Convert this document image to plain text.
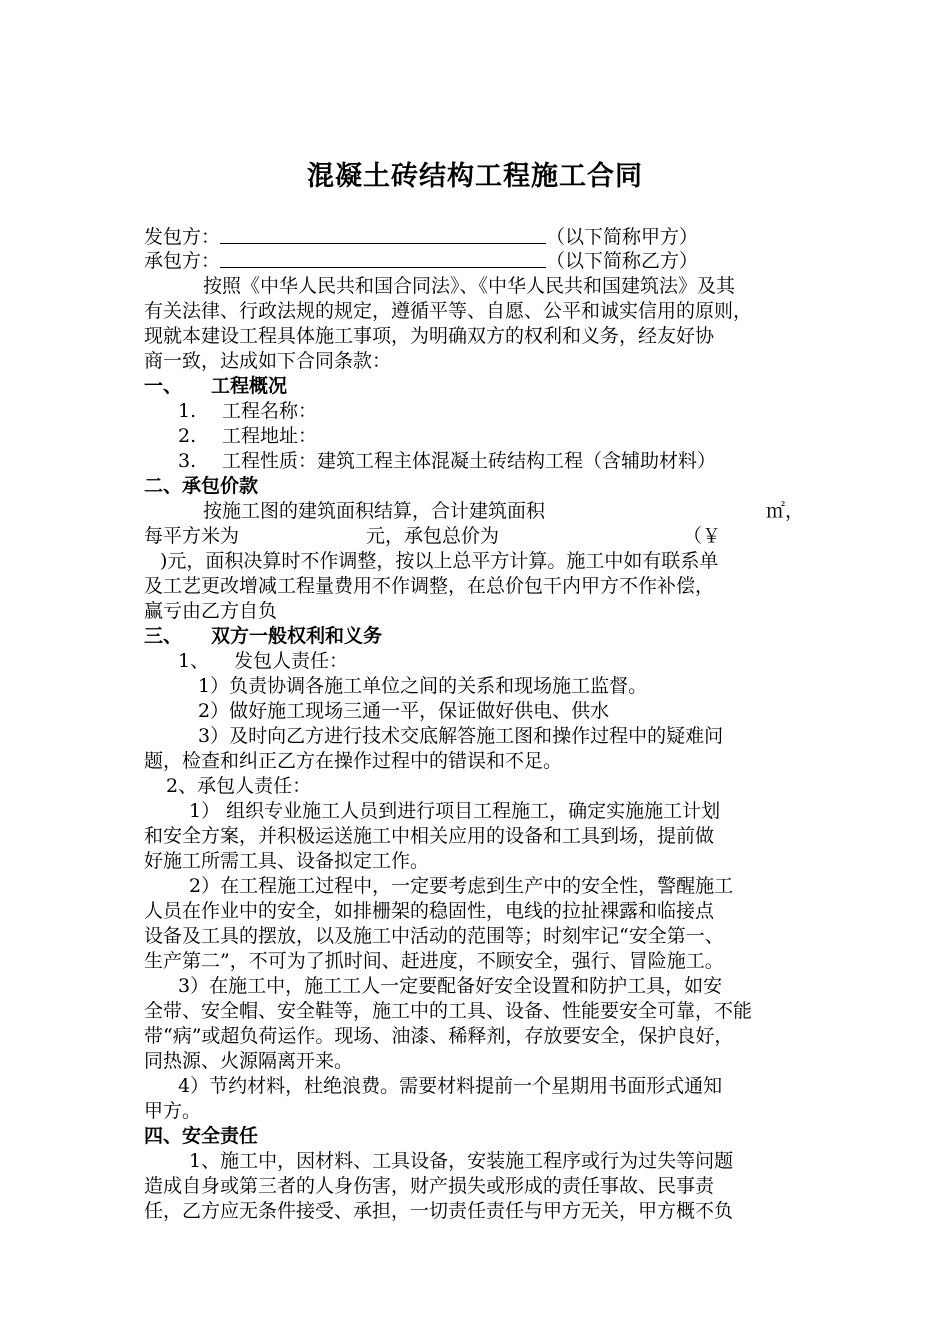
混凝土砖结构工程施工合同
发包方：	（以下简称甲方）
承包方：	（以下简称乙方）
按照《中华人民共和国合同法》、《中华人民共和国建筑法》及其
有关法律、行政法规的规定，遵循平等、自愿、公平和诚实信用的原则，
现就本建设工程具体施工事项，为明确双方的权利和义务，经友好协
商一致，达成如下合同条款：
一、 工程概况
1. 工程名称：
2. 工程地址：
3. 工程性质：建筑工程主体混凝土砖结构工程（含辅助材料）
二、承包价款
按施工图的建筑面积结算，合计建筑面积	㎡，
每平方米为	元，承包总价为	（￥
)元，面积决算时不作调整，按以上总平方计算。施工中如有联系单
及工艺更改增减工程量费用不作调整，在总价包干内甲方不作补偿，
赢亏由乙方自负
三、 双方一般权利和义务
1、 发包人责任：
1）负责协调各施工单位之间的关系和现场施工监督。
2）做好施工现场三通一平，保证做好供电、供水
3）及时向乙方进行技术交底解答施工图和操作过程中的疑难问
题，检查和纠正乙方在操作过程中的错误和不足。
2、承包人责任：
1） 组织专业施工人员到进行项目工程施工，确定实施施工计划
和安全方案，并积极运送施工中相关应用的设备和工具到场，提前做
好施工所需工具、设备拟定工作。
2）在工程施工过程中，一定要考虑到生产中的安全性，警醒施工
人员在作业中的安全，如排栅架的稳固性，电线的拉扯裸露和临接点
设备及工具的摆放，以及施工中活动的范围等；时刻牢记“安全第一、
生产第二”，不可为了抓时间、赶进度，不顾安全，强行、冒险施工。
3）在施工中，施工工人一定要配备好安全设置和防护工具，如安
全带、安全帽、安全鞋等，施工中的工具、设备、性能要安全可靠，不能
带“病”或超负荷运作。现场、油漆、稀释剂，存放要安全，保护良好，
同热源、火源隔离开来。
4）节约材料，杜绝浪费。需要材料提前一个星期用书面形式通知
甲方。
四、安全责任
1、施工中，因材料、工具设备，安装施工程序或行为过失等问题
造成自身或第三者的人身伤害，财产损失或形成的责任事故、民事责
任，乙方应无条件接受、承担，一切责任责任与甲方无关，甲方概不负
